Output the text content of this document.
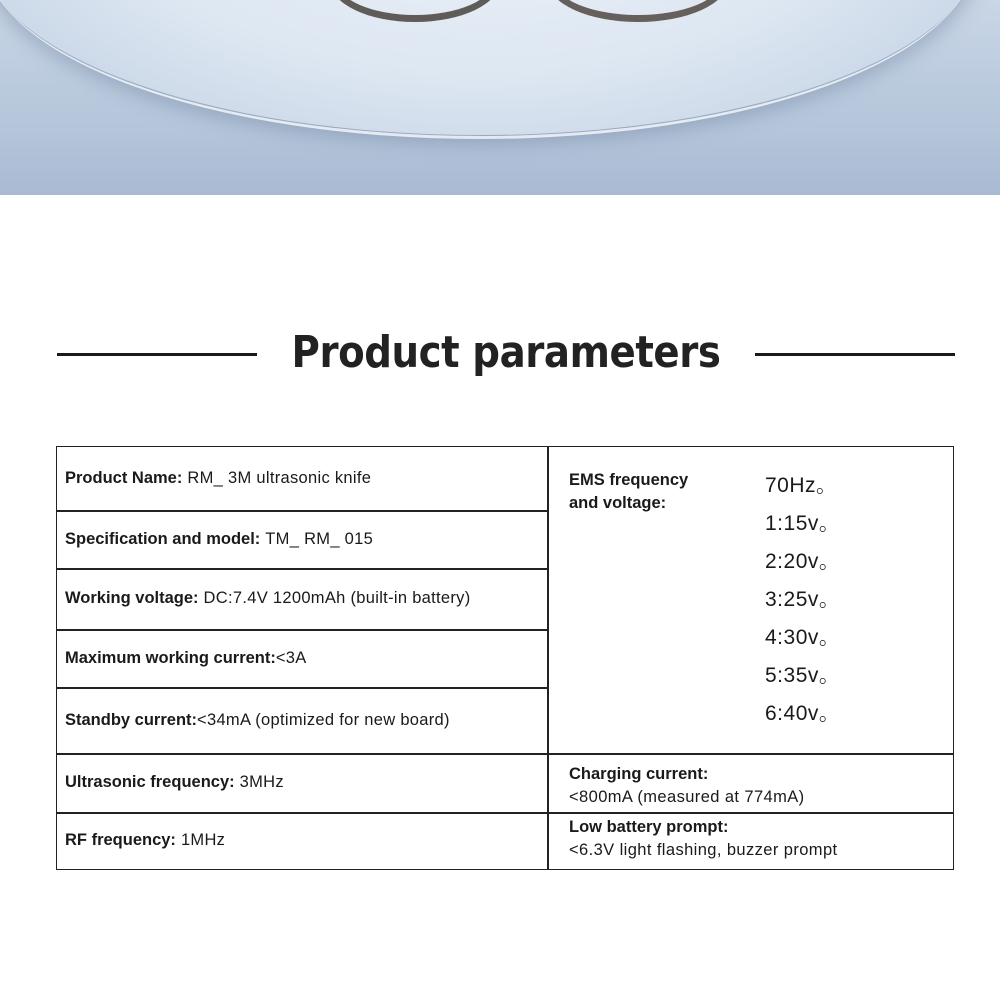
Product parameters
Product Name: RM_ 3M ultrasonic knife
Specification and model: TM_ RM_ 015
Working voltage: DC:7.4V 1200mAh (built-in battery)
Maximum working current: <3A
Standby current: <34mA (optimized for new board)
Ultrasonic frequency: 3MHz
RF frequency: 1MHz
EMS frequency
and voltage:
70Hz。
1:15v。
2:20v。
3:25v。
4:30v。
5:35v。
6:40v。
Charging current:
<800mA (measured at 774mA)
Low battery prompt:
<6.3V light flashing, buzzer prompt
